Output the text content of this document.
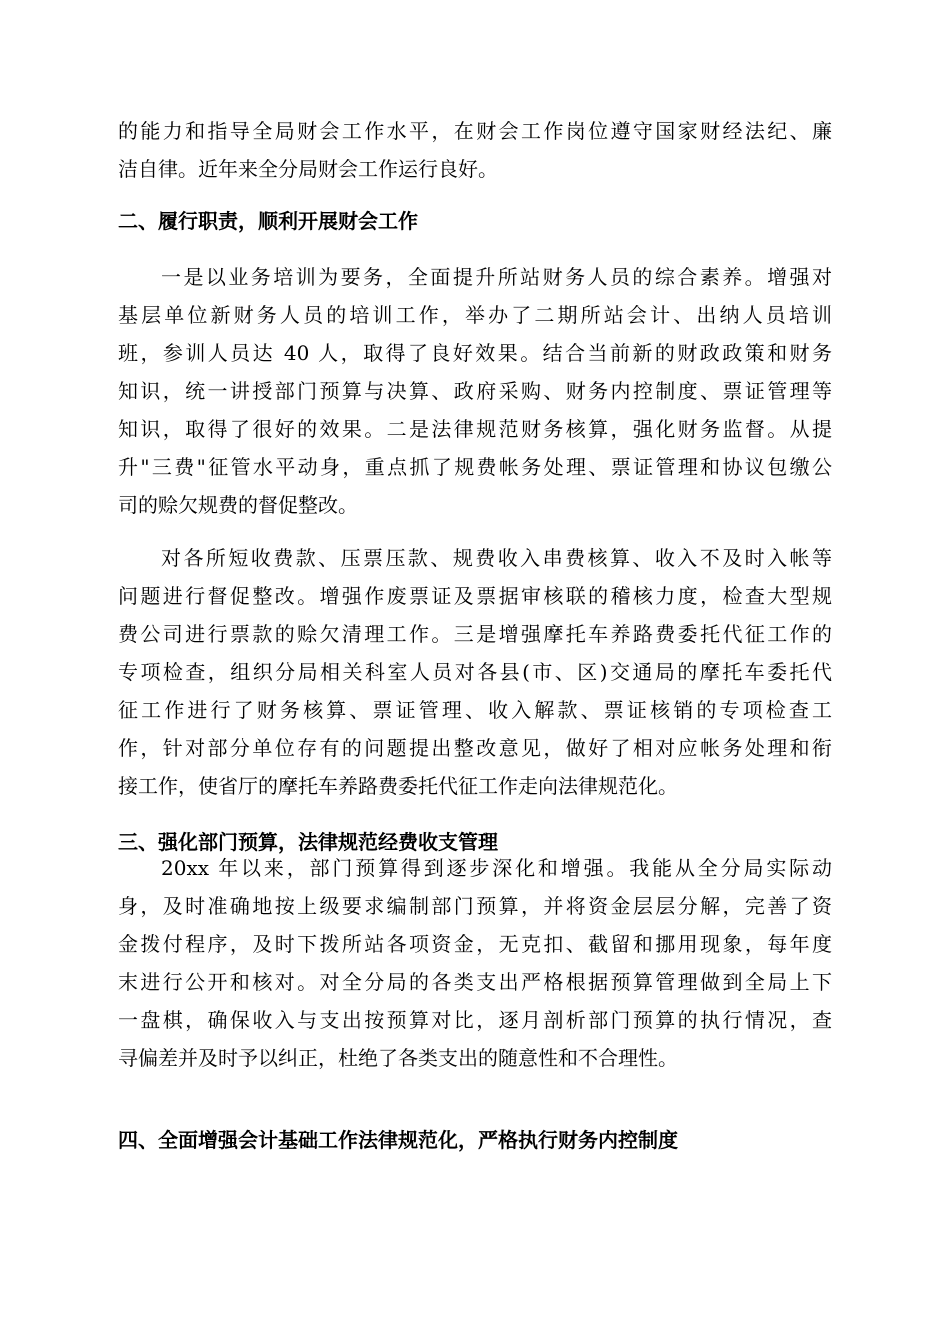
的能力和指导全局财会工作水平，在财会工作岗位遵守国家财经法纪、廉
洁自律。近年来全分局财会工作运行良好。
二、履行职责，顺利开展财会工作
一是以业务培训为要务，全面提升所站财务人员的综合素养。增强对
基层单位新财务人员的培训工作，举办了二期所站会计、出纳人员培训
班，参训人员达 40 人，取得了良好效果。结合当前新的财政政策和财务
知识，统一讲授部门预算与决算、政府采购、财务内控制度、票证管理等
知识，取得了很好的效果。二是法律规范财务核算，强化财务监督。从提
升"三费"征管水平动身，重点抓了规费帐务处理、票证管理和协议包缴公
司的赊欠规费的督促整改。
对各所短收费款、压票压款、规费收入串费核算、收入不及时入帐等
问题进行督促整改。增强作废票证及票据审核联的稽核力度，检查大型规
费公司进行票款的赊欠清理工作。三是增强摩托车养路费委托代征工作的
专项检查，组织分局相关科室人员对各县(市、区)交通局的摩托车委托代
征工作进行了财务核算、票证管理、收入解款、票证核销的专项检查工
作，针对部分单位存有的问题提出整改意见，做好了相对应帐务处理和衔
接工作，使省厅的摩托车养路费委托代征工作走向法律规范化。
三、强化部门预算，法律规范经费收支管理
20xx 年以来，部门预算得到逐步深化和增强。我能从全分局实际动
身，及时准确地按上级要求编制部门预算，并将资金层层分解，完善了资
金拨付程序，及时下拨所站各项资金，无克扣、截留和挪用现象，每年度
末进行公开和核对。对全分局的各类支出严格根据预算管理做到全局上下
一盘棋，确保收入与支出按预算对比，逐月剖析部门预算的执行情况，查
寻偏差并及时予以纠正，杜绝了各类支出的随意性和不合理性。
四、全面增强会计基础工作法律规范化，严格执行财务内控制度
